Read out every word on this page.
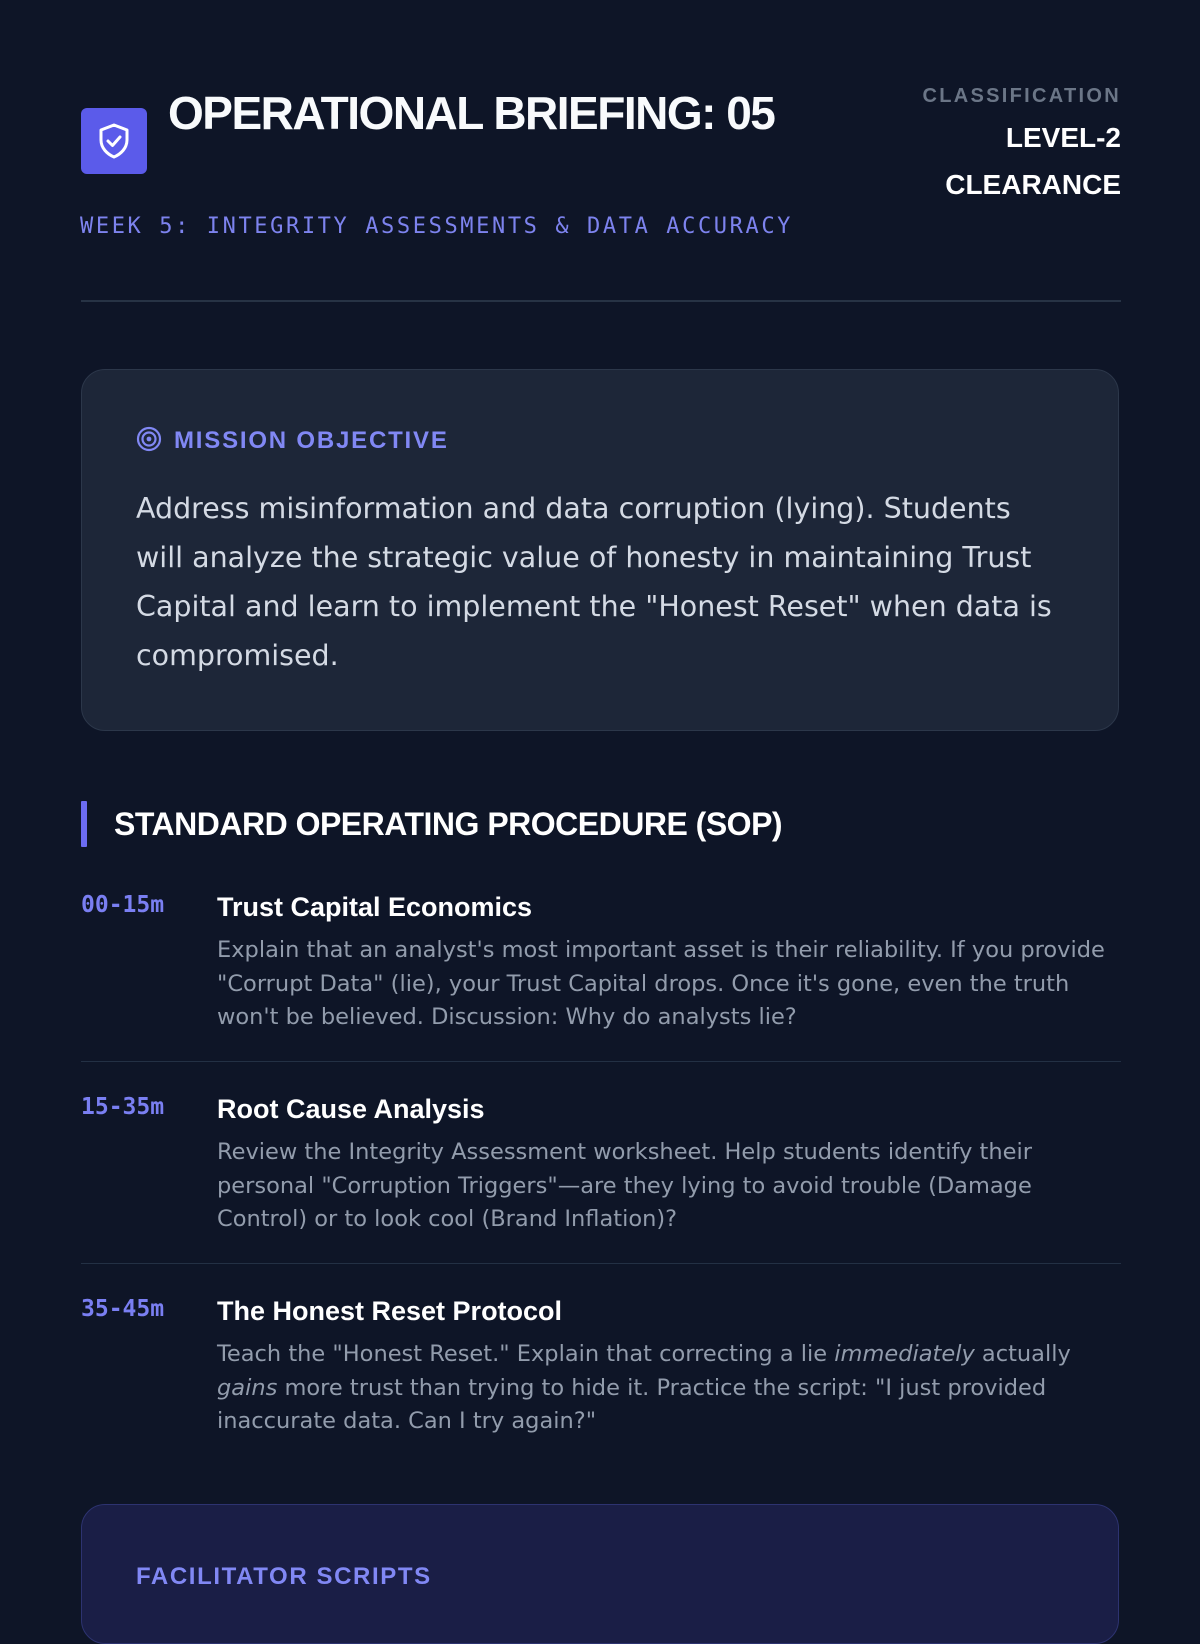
OPERATIONAL BRIEFING: 05	CLASSIFICATION
LEVEL-2
CLEARANCE
WEEK 5: INTEGRITY ASSESSMENTS & DATA ACCURACY
MISSION OBJECTIVE
Address misinformation and data corruption (lying). Students will analyze the strategic value of honesty in maintaining Trust Capital and learn to implement the "Honest Reset" when data is compromised.
STANDARD OPERATING PROCEDURE (SOP)
00-15m Trust Capital Economics
Explain that an analyst's most important asset is their reliability. If you provide "Corrupt Data" (lie), your Trust Capital drops. Once it's gone, even the truth won't be believed. Discussion: Why do analysts lie?
15-35m Root Cause Analysis
Review the Integrity Assessment worksheet. Help students identify their personal "Corruption Triggers"—are they lying to avoid trouble (Damage Control) or to look cool (Brand Inflation)?
35-45m The Honest Reset Protocol
Teach the "Honest Reset." Explain that correcting a lie immediately actually gains more trust than trying to hide it. Practice the script: "I just provided inaccurate data. Can I try again?"
FACILITATOR SCRIPTS
